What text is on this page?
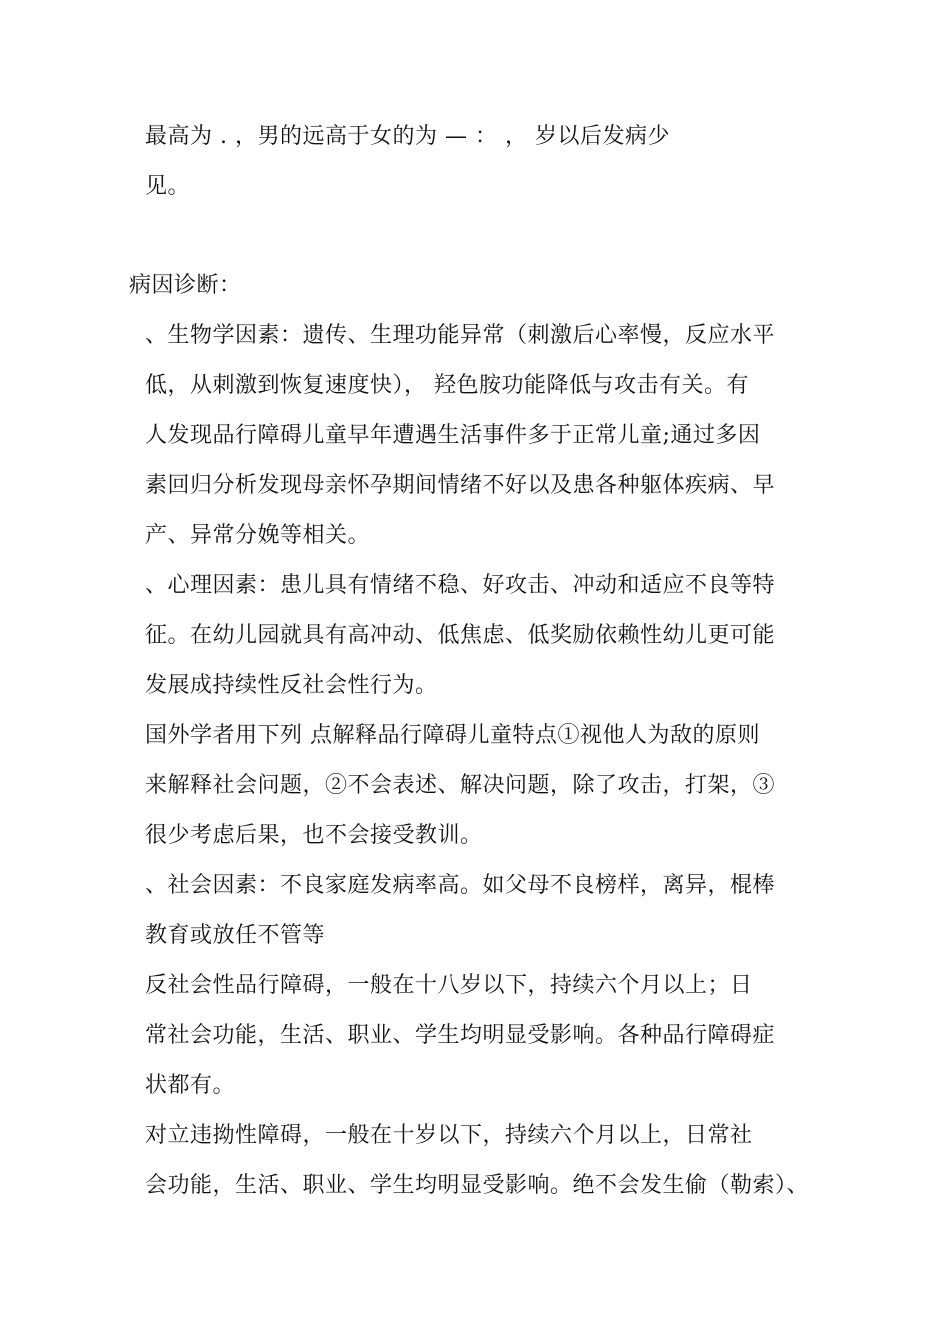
最高为 . ，男的远高于女的为 — ： ， 岁以后发病少
见。
病因诊断：
、生物学因素：遗传、生理功能异常（刺激后心率慢，反应水平
低，从刺激到恢复速度快）， 羟色胺功能降低与攻击有关。有
人发现品行障碍儿童早年遭遇生活事件多于正常儿童;通过多因
素回归分析发现母亲怀孕期间情绪不好以及患各种躯体疾病、早
产、异常分娩等相关。
、心理因素：患儿具有情绪不稳、好攻击、冲动和适应不良等特
征。在幼儿园就具有高冲动、低焦虑、低奖励依赖性幼儿更可能
发展成持续性反社会性行为。
国外学者用下列 点解释品行障碍儿童特点①视他人为敌的原则
来解释社会问题，②不会表述、解决问题，除了攻击，打架，③
很少考虑后果，也不会接受教训。
、社会因素：不良家庭发病率高。如父母不良榜样，离异，棍棒
教育或放任不管等
反社会性品行障碍，一般在十八岁以下，持续六个月以上；日
常社会功能，生活、职业、学生均明显受影响。各种品行障碍症
状都有。
对立违拗性障碍，一般在十岁以下，持续六个月以上，日常社
会功能，生活、职业、学生均明显受影响。绝不会发生偷（勒索）、
